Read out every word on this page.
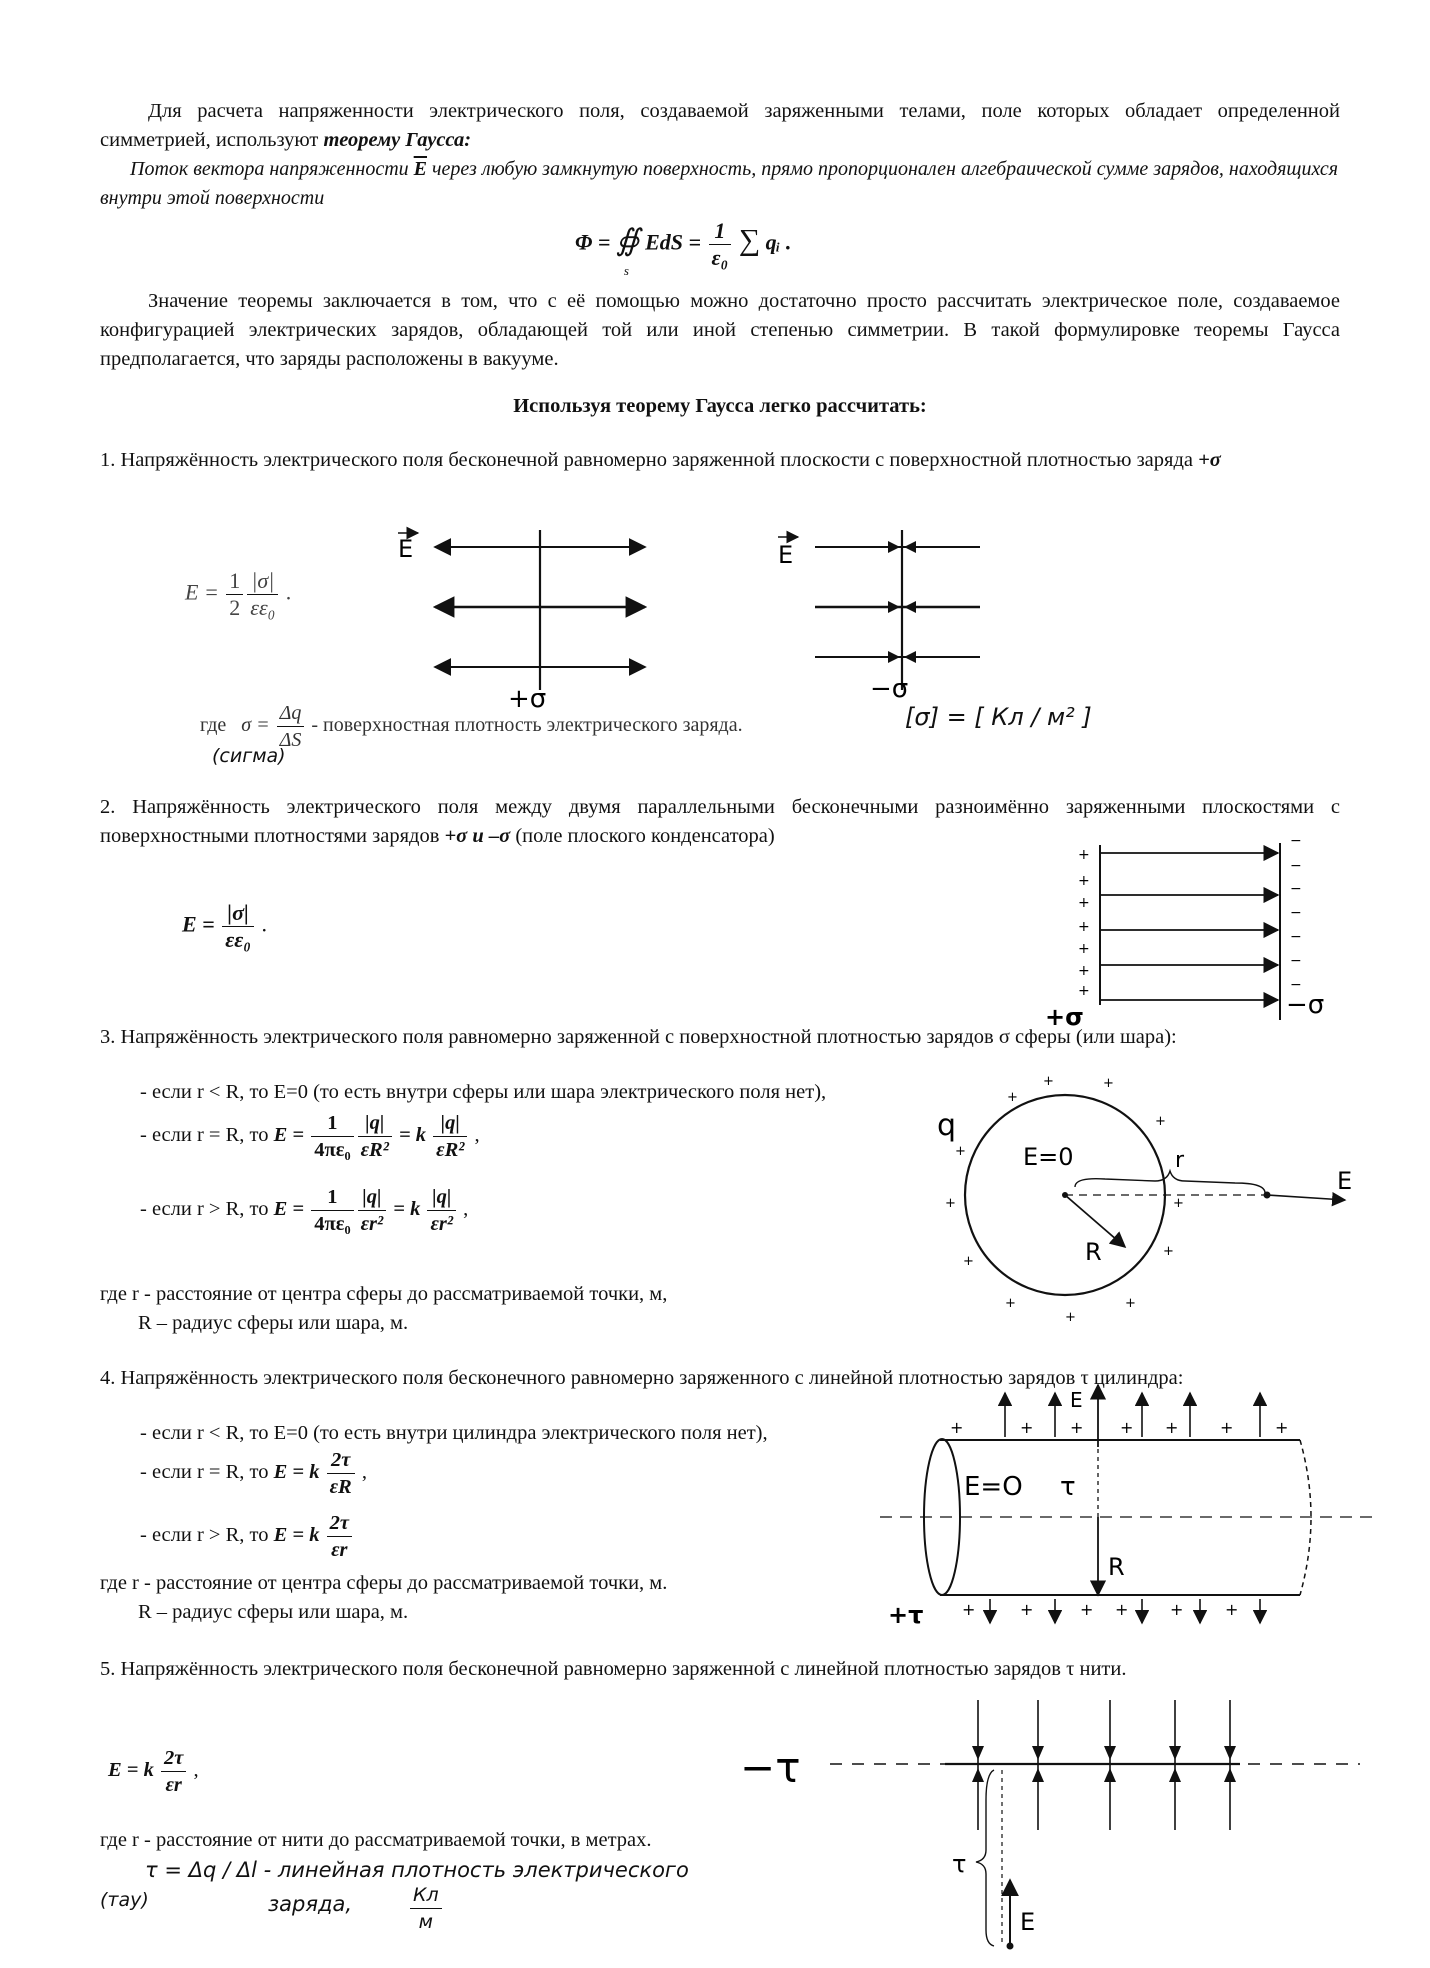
Для расчета напряженности электрического поля, создаваемой заряженными телами, поле которых обладает определенной симметрией, используют теорему Гаусса:

Поток вектора напряженности $\overline{E}$ через любую замкнутую поверхность, прямо пропорционален алгебраической сумме зарядов, находящихся внутри этой поверхности

Φ = ∯
s
EdS = $\frac{1}{\text{ε₀}}$ ∑ qᵢ .

Значение теоремы заключается в том, что с её помощью можно достаточно просто рассчитать электрическое поле, создаваемое конфигурацией электрических зарядов, обладающей той или иной степенью симметрии. В такой формулировке теоремы Гаусса предполагается, что заряды расположены в вакууме.

Используя теорему Гаусса легко рассчитать:

1. Напряжённость электрического поля бесконечной равномерно заряженной плоскости с поверхностной плотностью заряда +σ

$E = \frac{1}{2} \frac{|\sigma|}{\text{εε₀}}$ .
где $\sigma = \frac{\Delta q}{\Delta S}$ - поверхностная плотность электрического заряда.
(сигма)
[σ] = [ Кл / м² ]
E
+σ
E
−σ

2. Напряжённость электрического поля между двумя параллельными бесконечными разноимённо заряженными плоскостями с поверхностными плотностями зарядов +σ и –σ (поле плоского конденсатора)

$E = \frac{|\sigma|}{\text{εε₀}}$ .
+
+
+
+
+
+
+
−
−
−
−
−
−
−
+σ	−σ

3. Напряжённость электрического поля равномерно заряженной с поверхностной плотностью зарядов σ сферы (или шара):

- если r < R, то E=0 (то есть внутри сферы или шара электрического поля нет),

- если r = R, то $E = \frac{1}{\text{4πε₀}} \frac{|q|}{\text{εR²}} = k \frac{|q|}{\text{εR²}}$ ,
- если r > R, то $E = \frac{1}{\text{4πε₀}} \frac{|q|}{\text{εr²}} = k \frac{|q|}{\text{εr²}}$ ,

где r - расстояние от центра сферы до рассматриваемой точки, м,

R – радиус сферы или шара, м.

+
+	+
+
+
+
+
+
+
+
+
+
q
E=0	r
R
E

4. Напряжённость электрического поля бесконечного равномерно заряженного с линейной плотностью зарядов τ цилиндра:

- если r < R, то E=0 (то есть внутри цилиндра электрического поля нет),

- если r = R, то E = k $\frac{2\tau}{\varepsilon R}$ ,
- если r > R, то E = k $\frac{2\tau}{\varepsilon r}$

где r - расстояние от центра сферы до рассматриваемой точки, м.

R – радиус сферы или шара, м.

+	+ + + +	+	+
+	+	+ +	+	+
E=O τ
R
E
+τ

5. Напряжённость электрического поля бесконечной равномерно заряженной с линейной плотностью зарядов τ нити.

E = k $\frac{2\tau}{\varepsilon r}$ ,

где r - расстояние от нити до рассматриваемой точки, в метрах.

τ = Δq / Δl - линейная плотность электрического
(тау)	заряда,	$\frac{Кл}{м}$
−τ
τ
E
